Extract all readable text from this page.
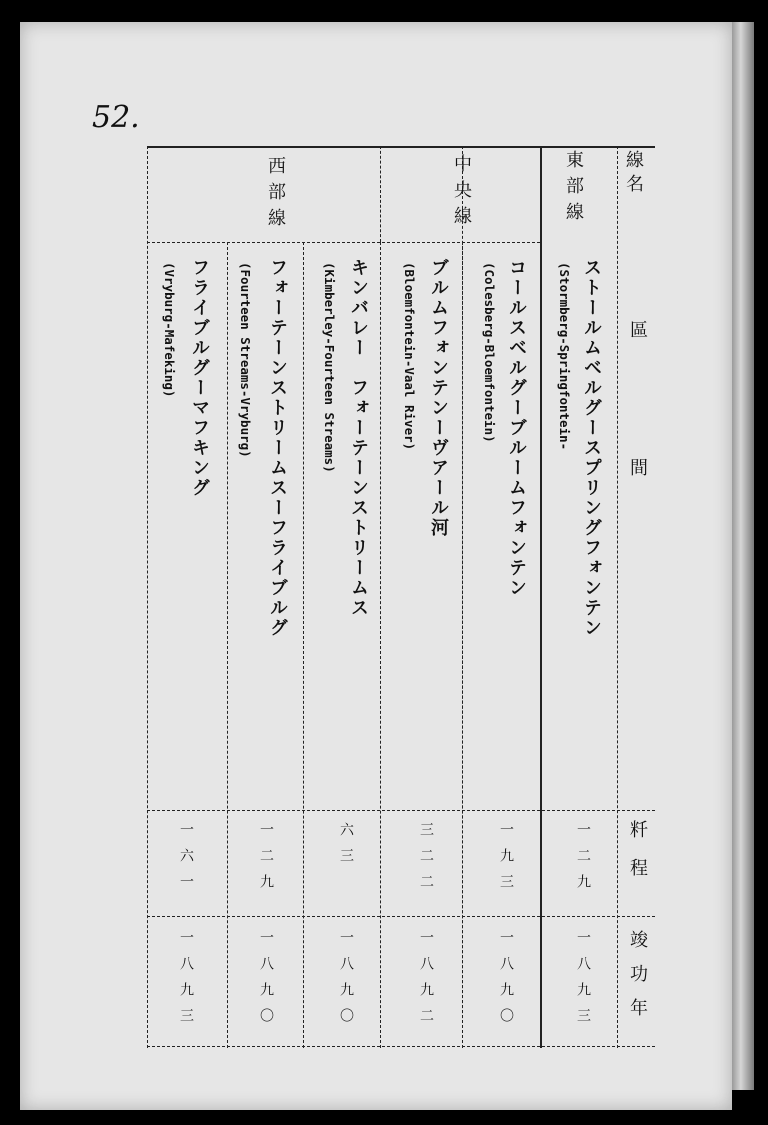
52.
線名
區間
粁程
竣功年
東部線
中央線
西部線
ストールムベルグースプリングフォンテン
(Stormberg-Springfontein-
一二九
一八九三
コールスベルグーブルームフォンテン
(Colesberg-Bloemfontein)
一九三
一八九〇
ブルムフォンテンーヴアール河
(Bloemfontein-Vaal River)
三二二
一八九二
キンバレー　フォーテーンストリームス
(Kimberley-Fourteen Streams)
六三
一八九〇
フォーテーンストリームスーフライブルグ
(Fourteen Streams-Vryburg)
一二九
一八九〇
フライブルグーマフキング
(Vryburg-Mafeking)
一六一
一八九三
